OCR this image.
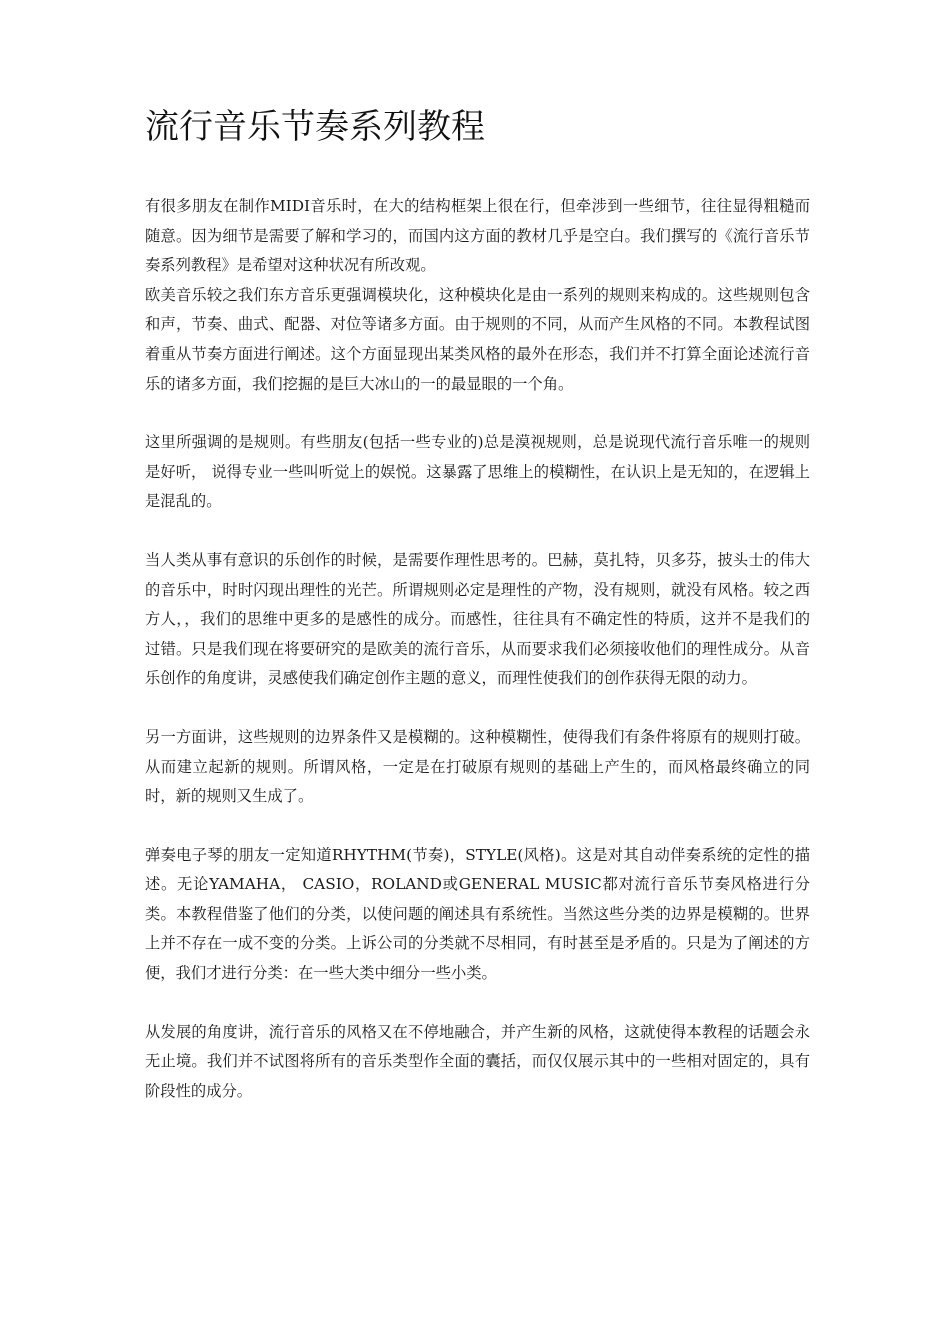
流行音乐节奏系列教程

有很多朋友在制作MIDI音乐时，在大的结构框架上很在行，但牵涉到一些细节，往往显得粗糙而随意。因为细节是需要了解和学习的，而国内这方面的教材几乎是空白。我们撰写的《流行音乐节奏系列教程》是希望对这种状况有所改观。

欧美音乐较之我们东方音乐更强调模块化，这种模块化是由一系列的规则来构成的。这些规则包含和声，节奏、曲式、配器、对位等诸多方面。由于规则的不同，从而产生风格的不同。本教程试图着重从节奏方面进行阐述。这个方面显现出某类风格的最外在形态，我们并不打算全面论述流行音乐的诸多方面，我们挖掘的是巨大冰山的一的最显眼的一个角。

这里所强调的是规则。有些朋友(包括一些专业的)总是漠视规则，总是说现代流行音乐唯一的规则是好听， 说得专业一些叫听觉上的娱悦。这暴露了思维上的模糊性，在认识上是无知的，在逻辑上是混乱的。

当人类从事有意识的乐创作的时候，是需要作理性思考的。巴赫，莫扎特，贝多芬，披头士的伟大的音乐中，时时闪现出理性的光芒。所谓规则必定是理性的产物，没有规则，就没有风格。较之西方人，，我们的思维中更多的是感性的成分。而感性，往往具有不确定性的特质，这并不是我们的过错。只是我们现在将要研究的是欧美的流行音乐，从而要求我们必须接收他们的理性成分。从音乐创作的角度讲，灵感使我们确定创作主题的意义，而理性使我们的创作获得无限的动力。

另一方面讲，这些规则的边界条件又是模糊的。这种模糊性，使得我们有条件将原有的规则打破。从而建立起新的规则。所谓风格，一定是在打破原有规则的基础上产生的，而风格最终确立的同时，新的规则又生成了。

弹奏电子琴的朋友一定知道RHYTHM(节奏)，STYLE(风格)。这是对其自动伴奏系统的定性的描述。无论YAMAHA， CASIO，ROLAND或GENERAL MUSIC都对流行音乐节奏风格进行分类。本教程借鉴了他们的分类，以使问题的阐述具有系统性。当然这些分类的边界是模糊的。世界上并不存在一成不变的分类。上诉公司的分类就不尽相同，有时甚至是矛盾的。只是为了阐述的方便，我们才进行分类：在一些大类中细分一些小类。

从发展的角度讲，流行音乐的风格又在不停地融合，并产生新的风格，这就使得本教程的话题会永无止境。我们并不试图将所有的音乐类型作全面的囊括，而仅仅展示其中的一些相对固定的，具有阶段性的成分。
